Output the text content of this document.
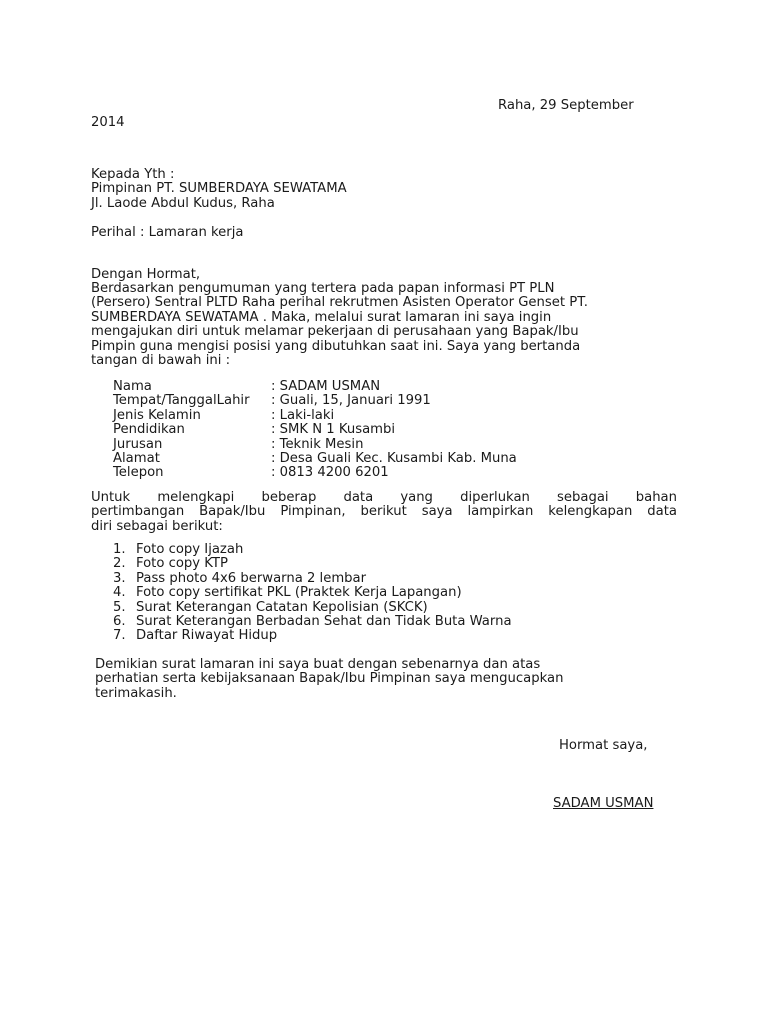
Raha, 29 September
2014
Kepada Yth :
Pimpinan PT. SUMBERDAYA SEWATAMA
Jl. Laode Abdul Kudus, Raha
Perihal : Lamaran kerja
Dengan Hormat,
Berdasarkan pengumuman yang tertera pada papan informasi PT PLN
(Persero) Sentral PLTD Raha perihal rekrutmen Asisten Operator Genset PT.
SUMBERDAYA SEWATAMA . Maka, melalui surat lamaran ini saya ingin
mengajukan diri untuk melamar pekerjaan di perusahaan yang Bapak/Ibu
Pimpin guna mengisi posisi yang dibutuhkan saat ini. Saya yang bertanda
tangan di bawah ini :
Nama	: SADAM USMAN
Tempat/TanggalLahir : Guali, 15, Januari 1991
Jenis Kelamin	: Laki-laki
Pendidikan	: SMK N 1 Kusambi
Jurusan	: Teknik Mesin
Alamat	: Desa Guali Kec. Kusambi Kab. Muna
Telepon	: 0813 4200 6201
Untuk melengkapi beberap data yang diperlukan sebagai bahan
pertimbangan Bapak/Ibu Pimpinan, berikut saya lampirkan kelengkapan data
diri sebagai berikut:
1. Foto copy Ijazah
2. Foto copy KTP
3. Pass photo 4x6 berwarna 2 lembar
4. Foto copy sertifikat PKL (Praktek Kerja Lapangan)
5. Surat Keterangan Catatan Kepolisian (SKCK)
6. Surat Keterangan Berbadan Sehat dan Tidak Buta Warna
7. Daftar Riwayat Hidup
Demikian surat lamaran ini saya buat dengan sebenarnya dan atas
perhatian serta kebijaksanaan Bapak/Ibu Pimpinan saya mengucapkan
terimakasih.
Hormat saya,
SADAM USMAN
